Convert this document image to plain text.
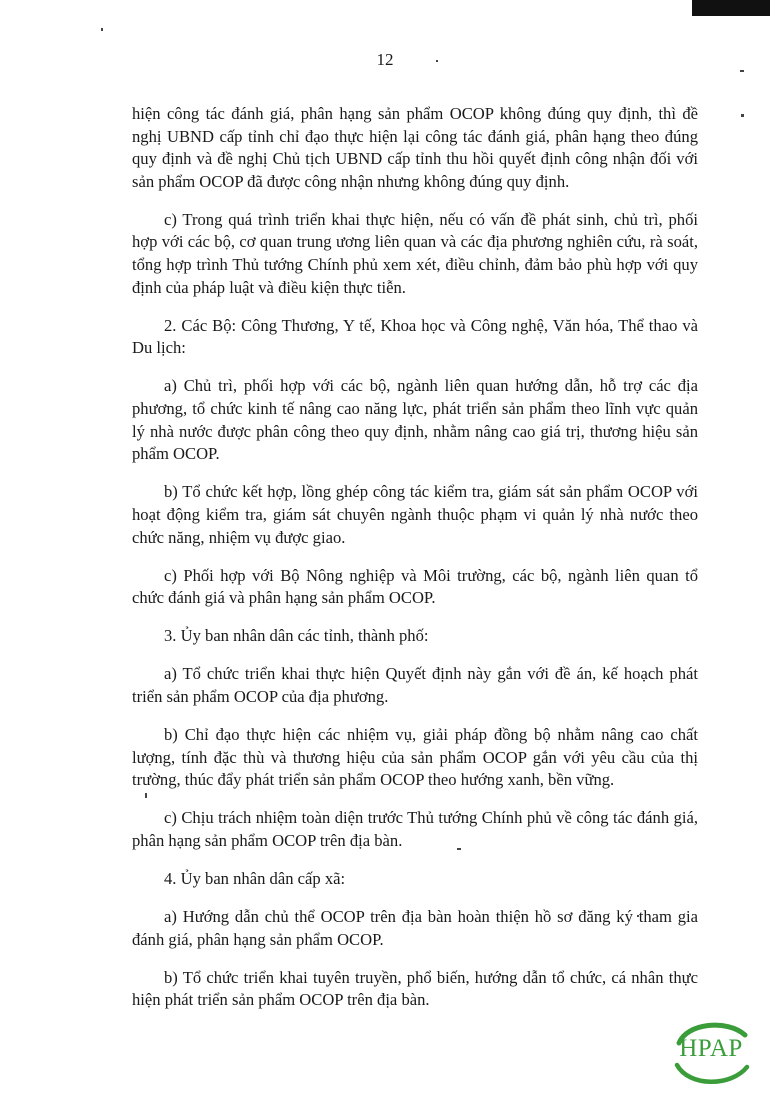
12

hiện công tác đánh giá, phân hạng sản phẩm OCOP không đúng quy định, thì đề nghị UBND cấp tỉnh chỉ đạo thực hiện lại công tác đánh giá, phân hạng theo đúng quy định và đề nghị Chủ tịch UBND cấp tỉnh thu hồi quyết định công nhận đối với sản phẩm OCOP đã được công nhận nhưng không đúng quy định.

c) Trong quá trình triển khai thực hiện, nếu có vấn đề phát sinh, chủ trì, phối hợp với các bộ, cơ quan trung ương liên quan và các địa phương nghiên cứu, rà soát, tổng hợp trình Thủ tướng Chính phủ xem xét, điều chỉnh, đảm bảo phù hợp với quy định của pháp luật và điều kiện thực tiễn.

2. Các Bộ: Công Thương, Y tế, Khoa học và Công nghệ, Văn hóa, Thể thao và Du lịch:

a) Chủ trì, phối hợp với các bộ, ngành liên quan hướng dẫn, hỗ trợ các địa phương, tổ chức kinh tế nâng cao năng lực, phát triển sản phẩm theo lĩnh vực quản lý nhà nước được phân công theo quy định, nhằm nâng cao giá trị, thương hiệu sản phẩm OCOP.

b) Tổ chức kết hợp, lồng ghép công tác kiểm tra, giám sát sản phẩm OCOP với hoạt động kiểm tra, giám sát chuyên ngành thuộc phạm vi quản lý nhà nước theo chức năng, nhiệm vụ được giao.

c) Phối hợp với Bộ Nông nghiệp và Môi trường, các bộ, ngành liên quan tổ chức đánh giá và phân hạng sản phẩm OCOP.

3. Ủy ban nhân dân các tỉnh, thành phố:

a) Tổ chức triển khai thực hiện Quyết định này gắn với đề án, kế hoạch phát triển sản phẩm OCOP của địa phương.

b) Chỉ đạo thực hiện các nhiệm vụ, giải pháp đồng bộ nhằm nâng cao chất lượng, tính đặc thù và thương hiệu của sản phẩm OCOP gắn với yêu cầu của thị trường, thúc đẩy phát triển sản phẩm OCOP theo hướng xanh, bền vững.

c) Chịu trách nhiệm toàn diện trước Thủ tướng Chính phủ về công tác đánh giá, phân hạng sản phẩm OCOP trên địa bàn.

4. Ủy ban nhân dân cấp xã:

a) Hướng dẫn chủ thể OCOP trên địa bàn hoàn thiện hồ sơ đăng ký tham gia đánh giá, phân hạng sản phẩm OCOP.

b) Tổ chức triển khai tuyên truyền, phổ biến, hướng dẫn tổ chức, cá nhân thực hiện phát triển sản phẩm OCOP trên địa bàn.

HPAP
